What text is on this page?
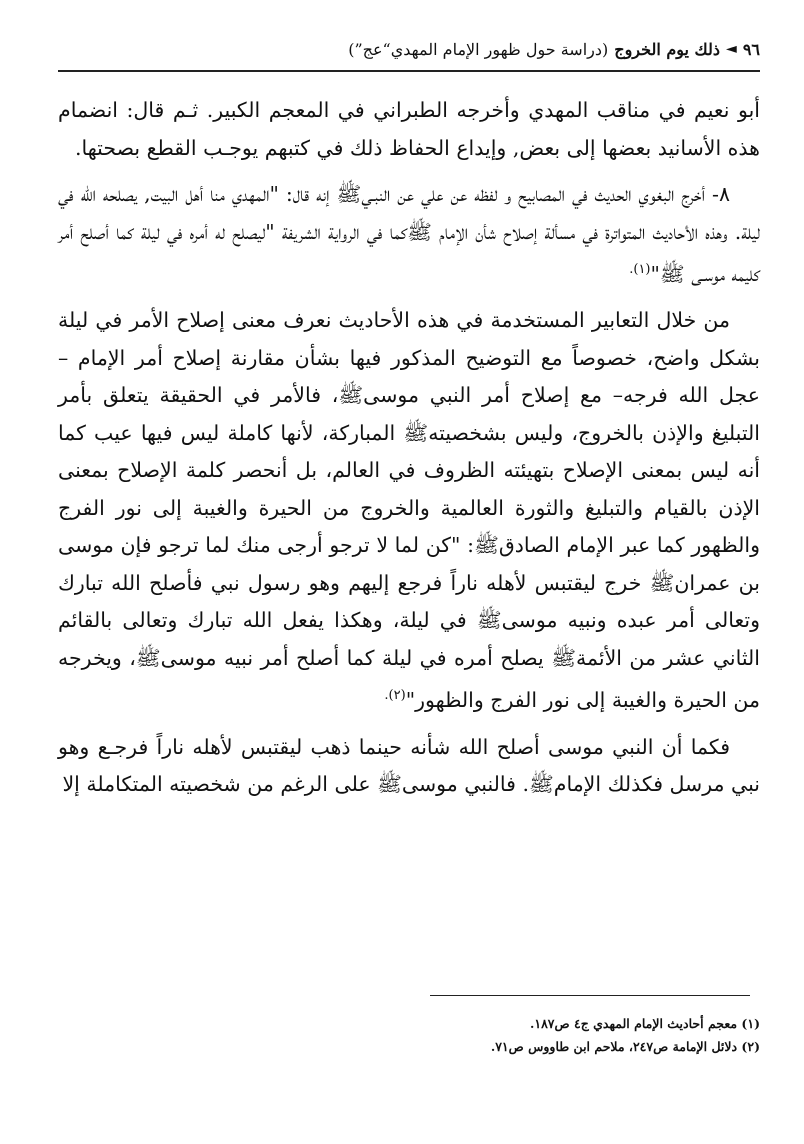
٩٦
◄
ذلك يوم الخروج
(دراسة حول ظهور الإمام المهدي“عج”)

أبو نعيم في مناقب المهدي وأخرجه الطبراني في المعجم الكبير. ثـم قال: انضمام هذه الأسانيد بعضها إلى بعض, وإيداع الحفاظ ذلك في كتبهم يوجـب القطع بصحتها.

٨- أخرج البغوي الحديث في المصابيح و لفظه عن علي عن النبـيﷺ إنه قال: "المهدي منا أهل البيت, يصلحه الله في ليلة. وهذه الأحاديث المتواترة في مسألة إصلاح شأن الإمام ﷺكما في الرواية الشريفة "ليصلح له أمره في ليلة كما أصلح أمر كليمه موسـى ﷺ"$^{(١).}$

من خلال التعابير المستخدمة في هذه الأحاديث نعرف معنى إصلاح الأمر في ليلة بشكل واضح، خصوصاً مع التوضيح المذكور فيها بشأن مقارنة إصلاح أمر الإمام – عجل الله فرجه– مع إصلاح أمر النبي موسىﷺ، فالأمر في الحقيقة يتعلق بأمر التبليغ والإذن بالخروج، وليس بشخصيتهﷺ المباركة، لأنها كاملة ليس فيها عيب كما أنه ليس بمعنى الإصلاح بتهيئته الظروف في العالم، بل أنحصر كلمة الإصلاح بمعنى الإذن بالقيام والتبليغ والثورة العالمية والخروج من الحيرة والغيبة إلى نور الفرج والظهور كما عبر الإمام الصادقﷺ: "كن لما لا ترجو أرجى منك لما ترجو فإن موسى بن عمرانﷺ خرج ليقتبس لأهله ناراً فرجع إليهم وهو رسول نبي فأصلح الله تبارك وتعالى أمر عبده ونبيه موسىﷺ في ليلة، وهكذا يفعل الله تبارك وتعالى بالقائم الثاني عشر من الأئمةﷺ يصلح أمره في ليلة كما أصلح أمر نبيه موسىﷺ، ويخرجه من الحيرة والغيبة إلى نور الفرج والظهور"$^{(٢).}$

فكما أن النبي موسى أصلح الله شأنه حينما ذهب ليقتبس لأهله ناراً فرجـع وهو نبي مرسل فكذلك الإمامﷺ. فالنبي موسىﷺ على الرغم من شخصيته المتكاملة إلا

(١) معجم أحاديث الإمام المهدي ج٤ ص١٨٧.
(٢) دلائل الإمامة ص٢٤٧، ملاحم ابن طاووس ص٧١.
